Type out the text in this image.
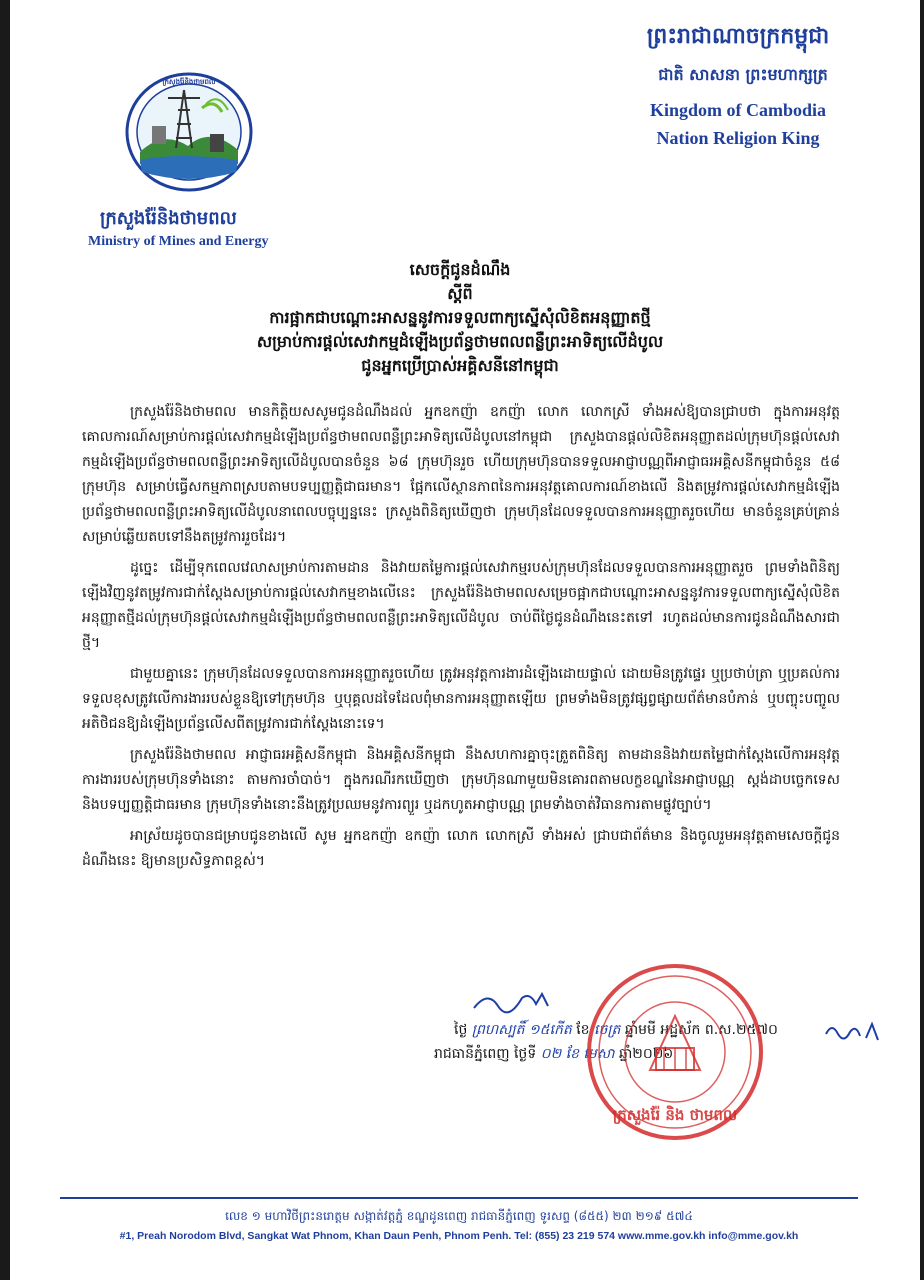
ក្រសួងរ៉ែនិងថាមពល
ក្រសួងរ៉ែនិងថាមពល
Ministry of Mines and Energy
ព្រះរាជាណាចក្រកម្ពុជា
ជាតិ សាសនា ព្រះមហាក្សត្រ
Kingdom of Cambodia
Nation Religion King
សេចក្តីជូនដំណឹង
ស្តីពី
ការផ្អាកជាបណ្តោះអាសន្ននូវការទទួលពាក្យស្នើសុំលិខិតអនុញ្ញាតថ្មី
សម្រាប់ការផ្តល់សេវាកម្មដំឡើងប្រព័ន្ធថាមពលពន្លឺព្រះអាទិត្យលើដំបូល
ជូនអ្នកប្រើប្រាស់អគ្គិសនីនៅកម្ពុជា

ក្រសួងរ៉ែនិងថាមពល មានកិត្តិយសសូមជូនដំណឹងដល់ អ្នកឧកញ៉ា ឧកញ៉ា លោក លោកស្រី ទាំងអស់ឱ្យបានជ្រាបថា ក្នុងការអនុវត្តគោលការណ៍សម្រាប់ការផ្តល់សេវាកម្មដំឡើងប្រព័ន្ធថាមពលពន្លឺព្រះអាទិត្យលើដំបូលនៅកម្ពុជា ក្រសួងបានផ្តល់លិខិតអនុញ្ញាតដល់ក្រុមហ៊ុនផ្តល់សេវាកម្មដំឡើងប្រព័ន្ធថាមពលពន្លឺព្រះអាទិត្យលើដំបូលបានចំនួន ៦៨ ក្រុមហ៊ុនរួច ហើយក្រុមហ៊ុនបានទទួលអាជ្ញាបណ្ណពីអាជ្ញាធរអគ្គិសនីកម្ពុជាចំនួន ៥៨ ក្រុមហ៊ុន សម្រាប់ធ្វើសកម្មភាពស្របតាមបទប្បញ្ញត្តិជាធរមាន។ ផ្អែកលើស្ថានភាពនៃការអនុវត្តគោលការណ៍ខាងលើ និងតម្រូវការផ្តល់សេវាកម្មដំឡើងប្រព័ន្ធថាមពលពន្លឺព្រះអាទិត្យលើដំបូលនាពេលបច្ចុប្បន្ននេះ ក្រសួងពិនិត្យឃើញថា ក្រុមហ៊ុនដែលទទួលបានការអនុញ្ញាតរួចហើយ មានចំនួនគ្រប់គ្រាន់សម្រាប់ឆ្លើយតបទៅនឹងតម្រូវការរួចដែរ។

ដូច្នេះ ដើម្បីទុកពេលវេលាសម្រាប់ការតាមដាន និងវាយតម្លៃការផ្តល់សេវាកម្មរបស់ក្រុមហ៊ុនដែលទទួលបានការអនុញ្ញាតរួច ព្រមទាំងពិនិត្យឡើងវិញនូវតម្រូវការជាក់ស្តែងសម្រាប់ការផ្តល់សេវាកម្មខាងលើនេះ ក្រសួងរ៉ែនិងថាមពលសម្រេចផ្អាកជាបណ្តោះអាសន្ននូវការទទួលពាក្យស្នើសុំលិខិតអនុញ្ញាតថ្មីដល់ក្រុមហ៊ុនផ្តល់សេវាកម្មដំឡើងប្រព័ន្ធថាមពលពន្លឺព្រះអាទិត្យលើដំបូល ចាប់ពីថ្ងៃជូនដំណឹងនេះតទៅ រហូតដល់មានការជូនដំណឹងសារជាថ្មី។

ជាមួយគ្នានេះ ក្រុមហ៊ុនដែលទទួលបានការអនុញ្ញាតរួចហើយ ត្រូវអនុវត្តការងារដំឡើងដោយផ្ទាល់ ដោយមិនត្រូវផ្ទេរ ឬប្រថាប់ត្រា ឬប្រគល់ការទទួលខុសត្រូវលើការងាររបស់ខ្លួនឱ្យទៅក្រុមហ៊ុន ឬបុគ្គលដទៃដែលពុំមានការអនុញ្ញាតឡើយ ព្រមទាំងមិនត្រូវផ្សព្វផ្សាយព័ត៌មានបំភាន់ ឬបញ្ចុះបញ្ចូលអតិថិជនឱ្យដំឡើងប្រព័ន្ធលើសពីតម្រូវការជាក់ស្តែងនោះទេ។

ក្រសួងរ៉ែនិងថាមពល អាជ្ញាធរអគ្គិសនីកម្ពុជា និងអគ្គិសនីកម្ពុជា នឹងសហការគ្នាចុះត្រួតពិនិត្យ តាមដាននិងវាយតម្លៃជាក់ស្តែងលើការអនុវត្តការងាររបស់ក្រុមហ៊ុនទាំងនោះ តាមការចាំបាច់។ ក្នុងករណីរកឃើញថា ក្រុមហ៊ុនណាមួយមិនគោរពតាមលក្ខខណ្ឌនៃអាជ្ញាបណ្ណ ស្តង់ដាបច្ចេកទេស និងបទប្បញ្ញត្តិជាធរមាន ក្រុមហ៊ុនទាំងនោះនឹងត្រូវប្រឈមនូវការព្យួរ ឬដកហូតអាជ្ញាបណ្ណ ព្រមទាំងចាត់វិធានការតាមផ្លូវច្បាប់។

អាស្រ័យដូចបានជម្រាបជូនខាងលើ សូម អ្នកឧកញ៉ា ឧកញ៉ា លោក លោកស្រី ទាំងអស់ ជ្រាបជាព័ត៌មាន និងចូលរួមអនុវត្តតាមសេចក្តីជូនដំណឹងនេះ ឱ្យមានប្រសិទ្ធភាពខ្ពស់។

ថ្ងៃ ព្រហស្បតិ៍ ១៥កើត ខែ ចេត្រ ឆ្នាំមមី អដ្ឋស័ក ព.ស.២៥៧០
រាជធានីភ្នំពេញ ថ្ងៃទី ០២ ខែ មេសា ឆ្នាំ២០២៦
ក្រសួងរ៉ែ និង ថាមពល
លេខ ១ មហាវិថីព្រះនរោត្តម សង្កាត់វត្តភ្នំ ខណ្ឌដូនពេញ រាជធានីភ្នំពេញ ទូរសព្ទ (៨៥៥) ២៣ ២១៩ ៥៧៤
#1, Preah Norodom Blvd, Sangkat Wat Phnom, Khan Daun Penh, Phnom Penh. Tel: (855) 23 219 574 www.mme.gov.kh info@mme.gov.kh
